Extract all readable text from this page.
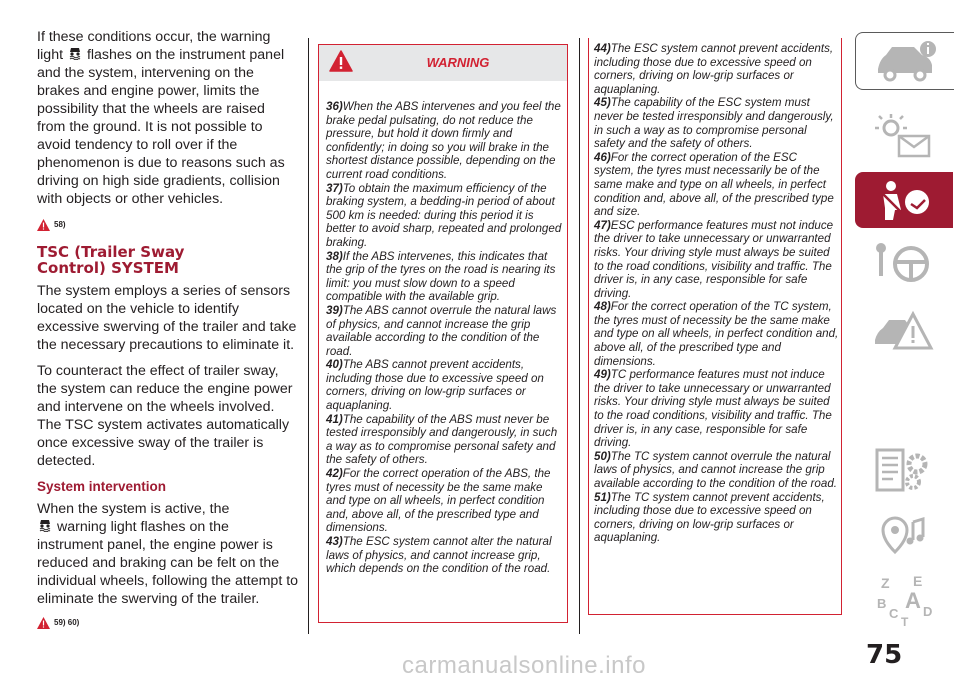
If these conditions occur, the warning
light flashes on the instrument panel
and the system, intervening on the
brakes and engine power, limits the
possibility that the wheels are raised
from the ground. It is not possible to
avoid tendency to roll over if the
phenomenon is due to reasons such as
driving on high side gradients, collision
with objects or other vehicles.

58)
TSC (Trailer Sway
Control) SYSTEM

The system employs a series of sensors located on the vehicle to identify excessive swerving of the trailer and take the necessary precautions to eliminate it.

To counteract the effect of trailer sway, the system can reduce the engine power and intervene on the wheels involved. The TSC system activates automatically once excessive sway of the trailer is detected.

System intervention

When the system is active, the
warning light flashes on the instrument panel, the engine power is reduced and braking can be felt on the individual wheels, following the attempt to eliminate the swerving of the trailer.

59) 60)
WARNING
36)When the ABS intervenes and you feel the brake pedal pulsating, do not reduce the pressure, but hold it down firmly and confidently; in doing so you will brake in the shortest distance possible, depending on the current road conditions.
37)To obtain the maximum efficiency of the braking system, a bedding-in period of about 500 km is needed: during this period it is better to avoid sharp, repeated and prolonged braking.
38)If the ABS intervenes, this indicates that the grip of the tyres on the road is nearing its limit: you must slow down to a speed compatible with the available grip.
39)The ABS cannot overrule the natural laws of physics, and cannot increase the grip available according to the condition of the road.
40)The ABS cannot prevent accidents, including those due to excessive speed on corners, driving on low-grip surfaces or aquaplaning.
41)The capability of the ABS must never be tested irresponsibly and dangerously, in such a way as to compromise personal safety and the safety of others.
42)For the correct operation of the ABS, the tyres must of necessity be the same make and type on all wheels, in perfect condition and, above all, of the prescribed type and dimensions.
43)The ESC system cannot alter the natural laws of physics, and cannot increase grip, which depends on the condition of the road.
44)The ESC system cannot prevent accidents, including those due to excessive speed on corners, driving on low-grip surfaces or aquaplaning.
45)The capability of the ESC system must never be tested irresponsibly and dangerously, in such a way as to compromise personal safety and the safety of others.
46)For the correct operation of the ESC system, the tyres must necessarily be of the same make and type on all wheels, in perfect condition and, above all, of the prescribed type and size.
47)ESC performance features must not induce the driver to take unnecessary or unwarranted risks. Your driving style must always be suited to the road conditions, visibility and traffic. The driver is, in any case, responsible for safe driving.
48)For the correct operation of the TC system, the tyres must of necessity be the same make and type on all wheels, in perfect condition and, above all, of the prescribed type and dimensions.
49)TC performance features must not induce the driver to take unnecessary or unwarranted risks. Your driving style must always be suited to the road conditions, visibility and traffic. The driver is, in any case, responsible for safe driving.
50)The TC system cannot overrule the natural laws of physics, and cannot increase the grip available according to the condition of the road.
51)The TC system cannot prevent accidents, including those due to excessive speed on corners, driving on low-grip surfaces or aquaplaning.
Z E
B A
C D
T
75
carmanualsonline.info
